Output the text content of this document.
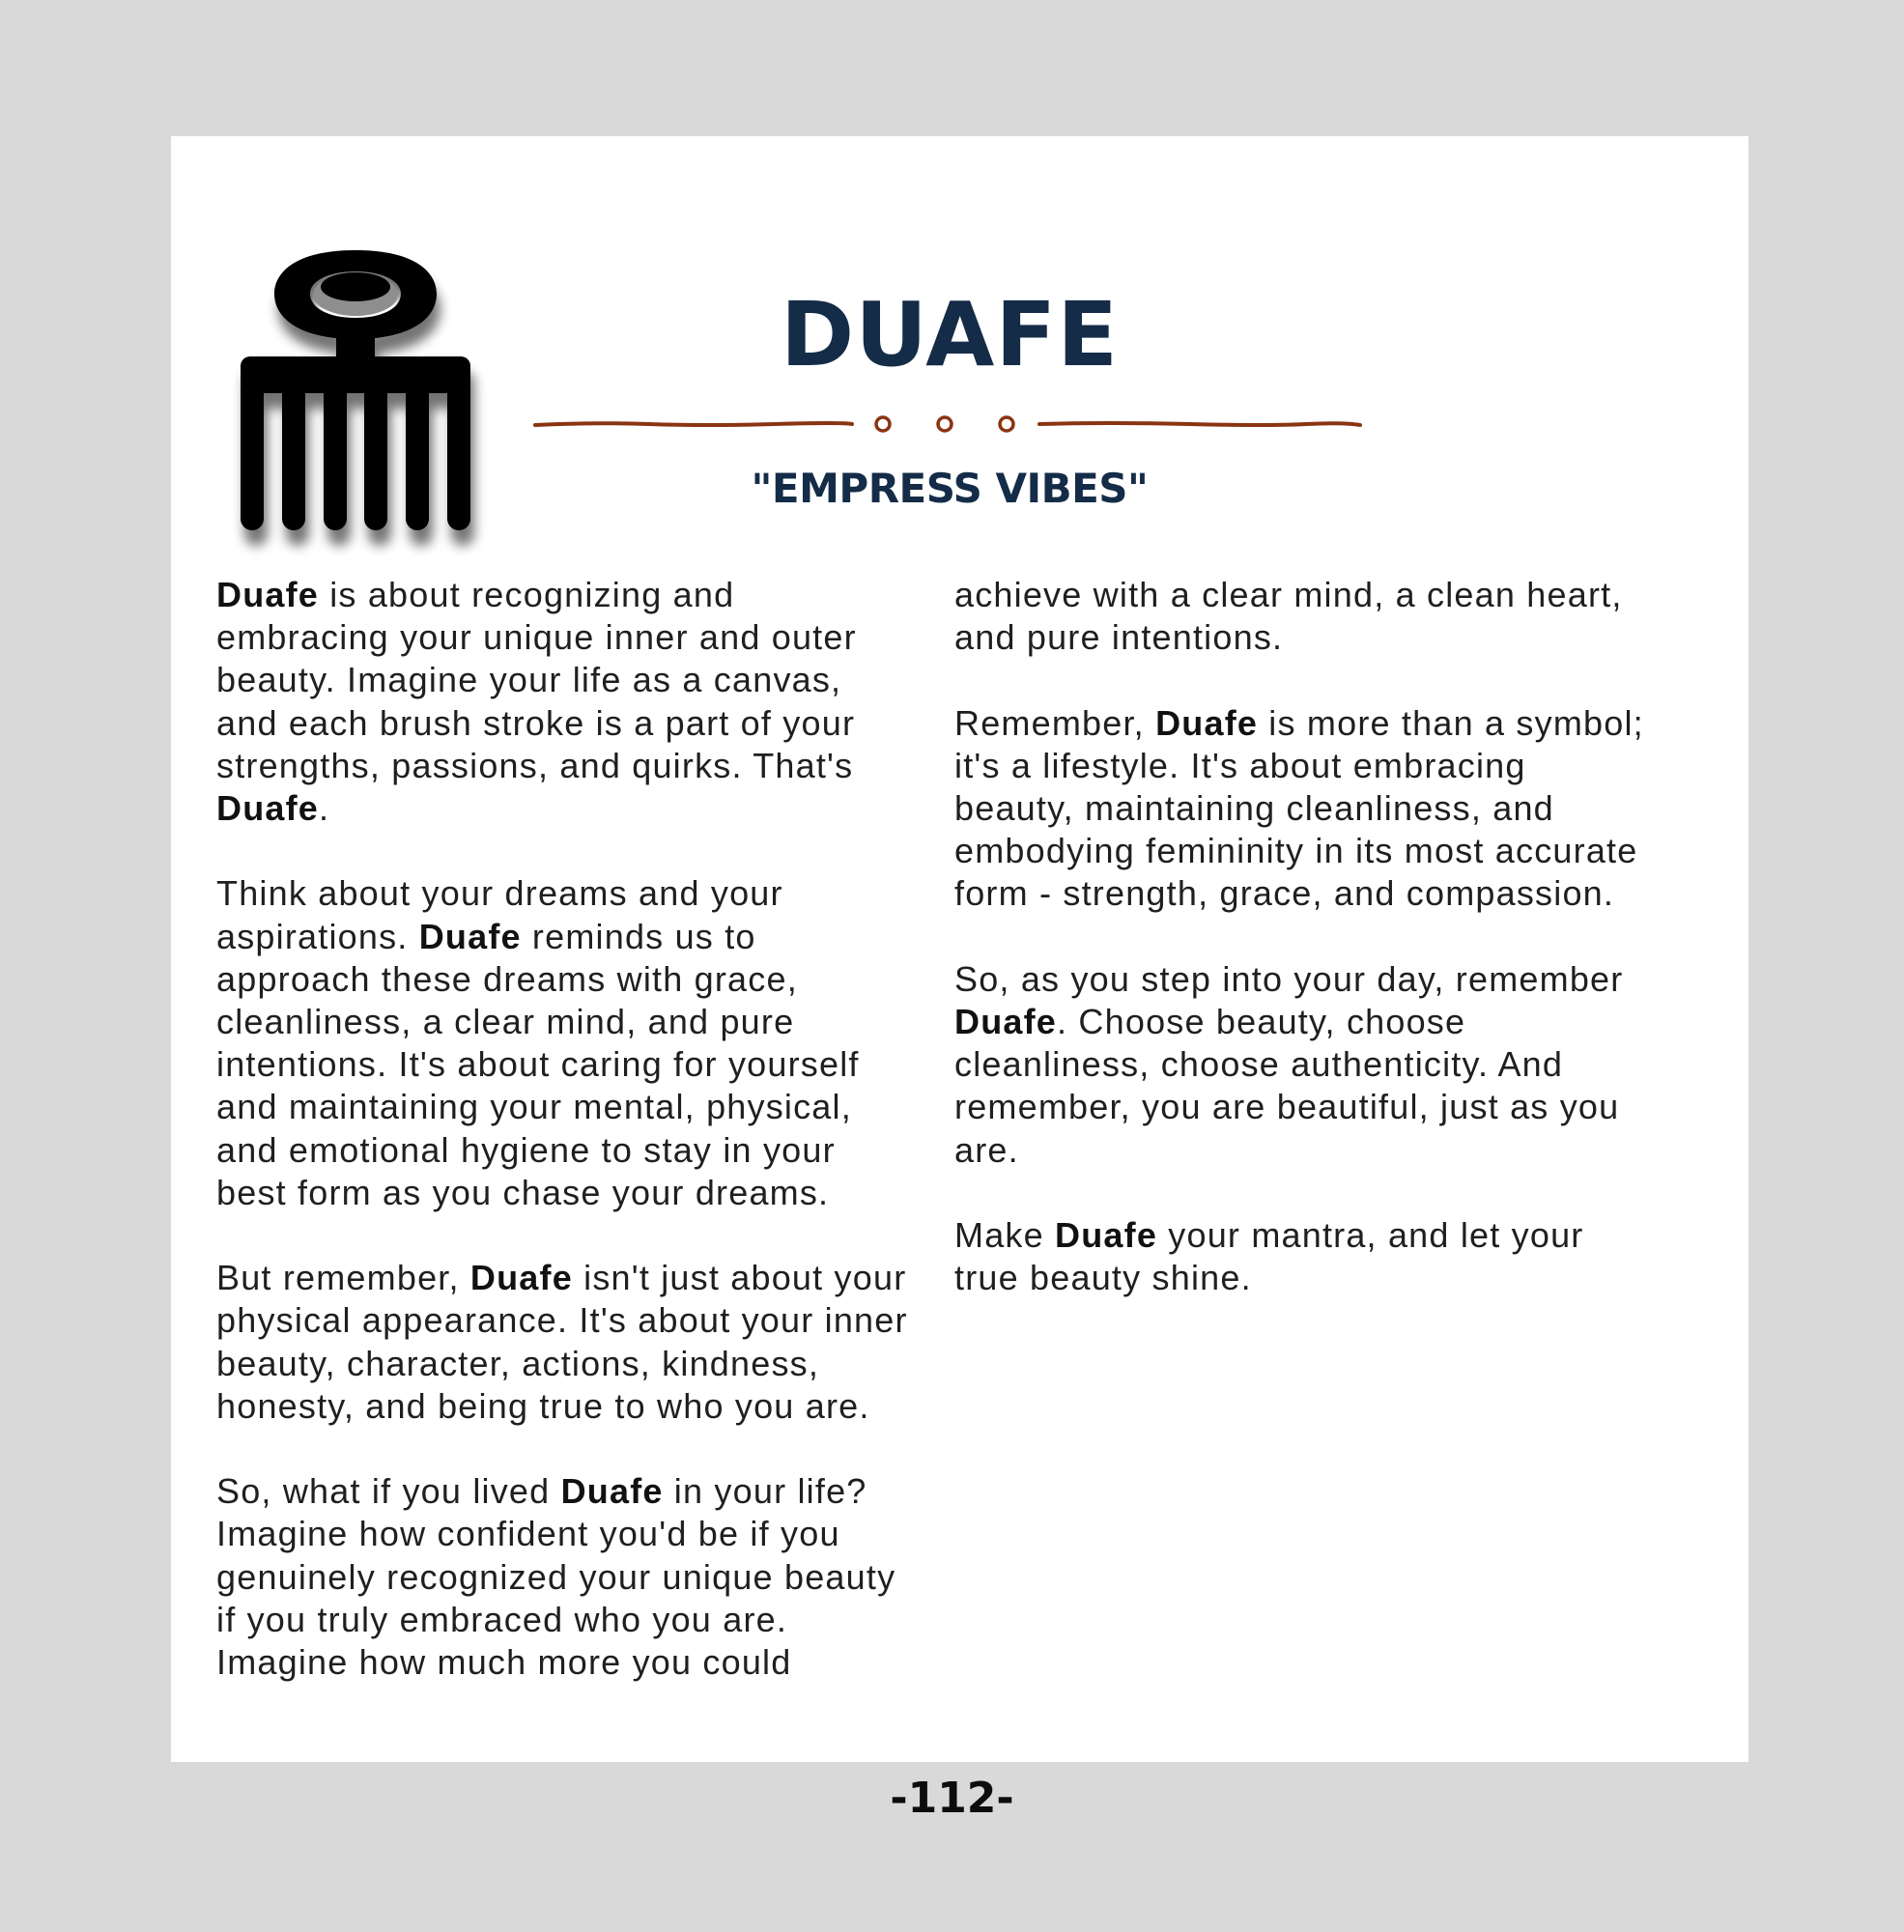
DUAFE
"EMPRESS VIBES"

Duafe is about recognizing and embracing your unique inner and outer beauty. Imagine your life as a canvas, and each brush stroke is a part of your strengths, passions, and quirks. That's Duafe.

Think about your dreams and your aspirations. Duafe reminds us to approach these dreams with grace, cleanliness, a clear mind, and pure intentions. It's about caring for yourself and maintaining your mental, physical, and emotional hygiene to stay in your best form as you chase your dreams.

But remember, Duafe isn't just about your physical appearance. It's about your inner beauty, character, actions, kindness, honesty, and being true to who you are.

So, what if you lived Duafe in your life? Imagine how confident you'd be if you genuinely recognized your unique beauty if you truly embraced who you are. Imagine how much more you could

achieve with a clear mind, a clean heart, and pure intentions.

Remember, Duafe is more than a symbol; it's a lifestyle. It's about embracing beauty, maintaining cleanliness, and embodying femininity in its most accurate form - strength, grace, and compassion.

So, as you step into your day, remember Duafe. Choose beauty, choose cleanliness, choose authenticity. And remember, you are beautiful, just as you are.

Make Duafe your mantra, and let your true beauty shine.

-112-
